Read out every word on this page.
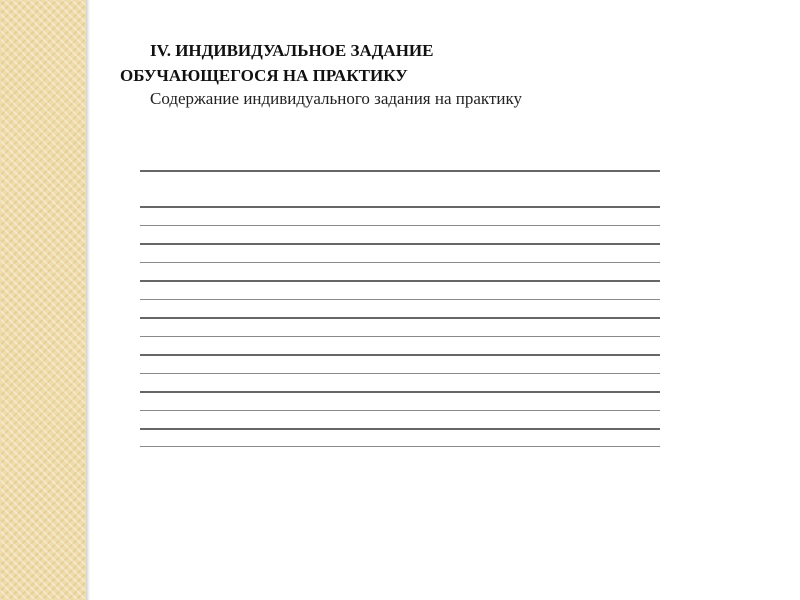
IV. ИНДИВИДУАЛЬНОЕ ЗАДАНИЕ
ОБУЧАЮЩЕГОСЯ НА ПРАКТИКУ
Содержание индивидуального задания на практику
